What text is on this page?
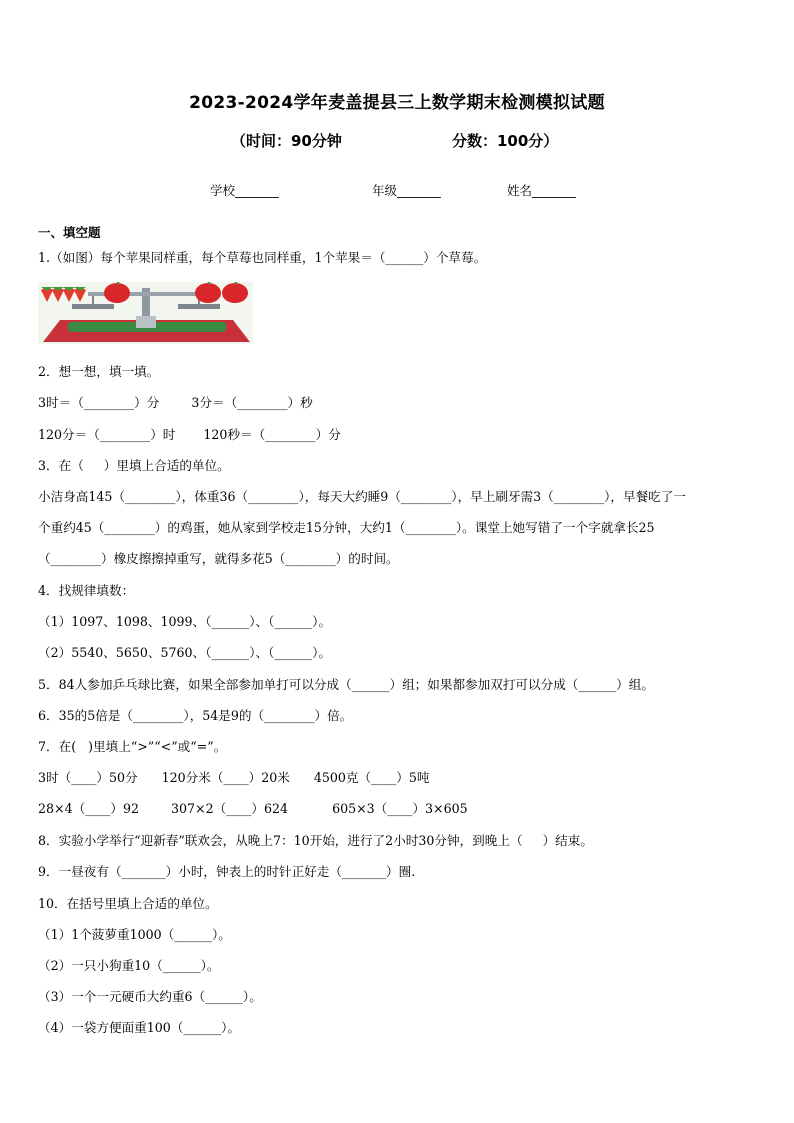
2023-2024学年麦盖提县三上数学期末检测模拟试题
（时间：90分钟	分数：100分）
学校_______	年级_______	姓名_______
一、填空题
1.（如图）每个苹果同样重，每个草莓也同样重，1个苹果＝（______）个草莓。
2．想一想，填一填。
3时＝（________）分        3分＝（________）秒
120分＝（________）时       120秒＝（________）分
3．在（     ）里填上合适的单位。
小洁身高145（________），体重36（________），每天大约睡9（________），早上刷牙需3（________），早餐吃了一
个重约45（________）的鸡蛋，她从家到学校走15分钟，大约1（________）。课堂上她写错了一个字就拿长25
（________）橡皮擦擦掉重写，就得多花5（________）的时间。
4．找规律填数：
（1）1097、1098、1099、（______）、（______）。
（2）5540、5650、5760、（______）、（______）。
5．84人参加乒乓球比赛，如果全部参加单打可以分成（______）组；如果都参加双打可以分成（______）组。
6．35的5倍是（________），54是9的（________）倍。
7．在(   )里填上“>”“<”或“=”。
3时（____）50分      120分米（____）20米      4500克（____）5吨
28×4（____）92        307×2（____）624           605×3（____）3×605
8．实验小学举行“迎新春”联欢会，从晚上7：10开始，进行了2小时30分钟，到晚上（     ）结束。
9．一昼夜有（_______）小时，钟表上的时针正好走（_______）圈.
10．在括号里填上合适的单位。
（1）1个菠萝重1000（______）。
（2）一只小狗重10（______）。
（3）一个一元硬币大约重6（______）。
（4）一袋方便面重100（______）。
